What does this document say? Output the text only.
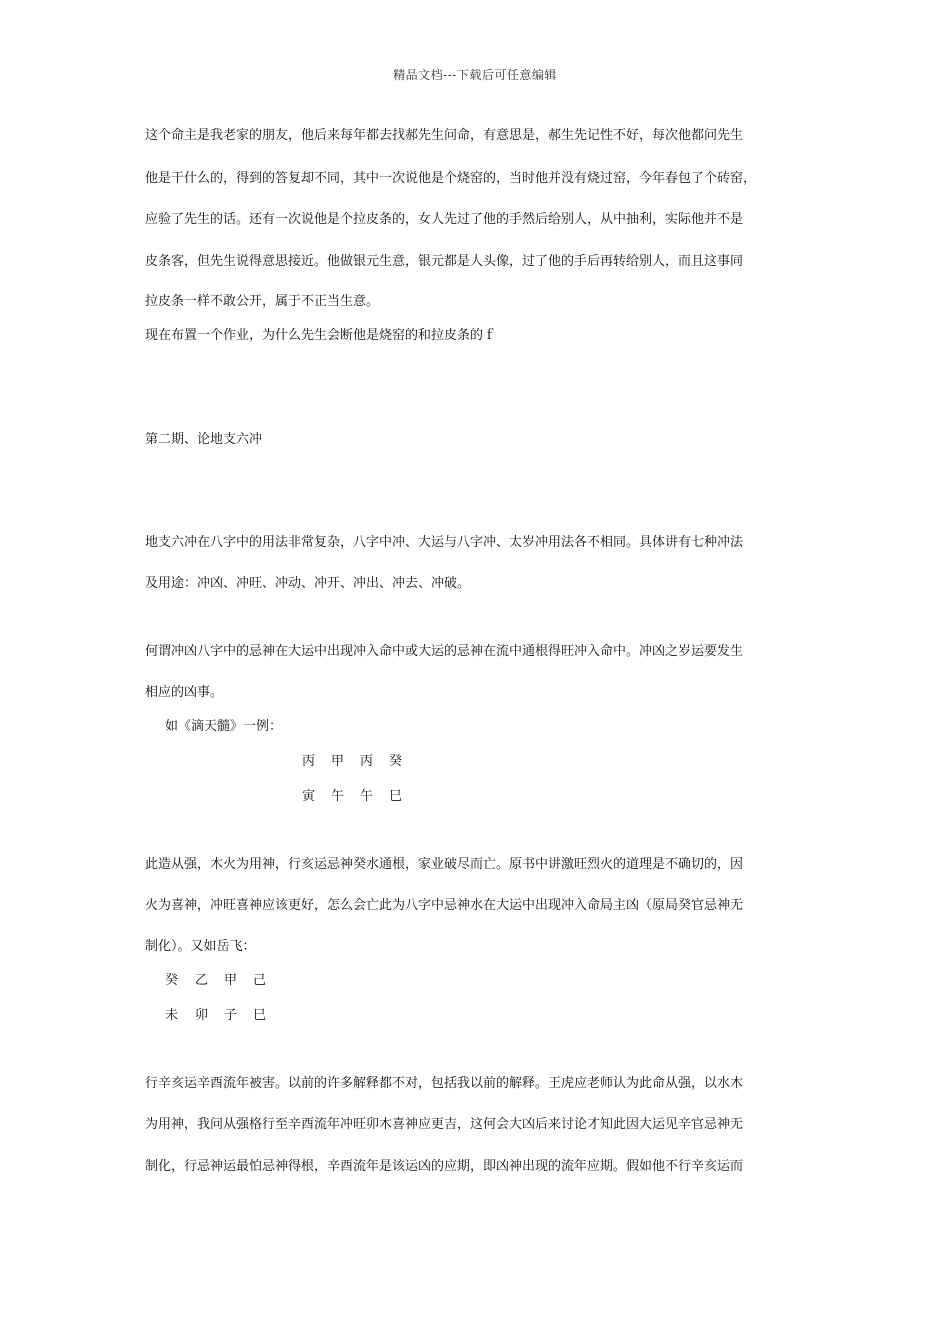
精品文档---下载后可任意编辑
这个命主是我老家的朋友，他后来每年都去找郝先生问命，有意思是，郝生先记性不好，每次他都问先生
他是干什么的，得到的答复却不同，其中一次说他是个烧窑的，当时他并没有烧过窑，今年春包了个砖窑，
应验了先生的话。还有一次说他是个拉皮条的，女人先过了他的手然后给别人，从中抽利，实际他并不是
皮条客，但先生说得意思接近。他做银元生意，银元都是人头像，过了他的手后再转给别人，而且这事同
拉皮条一样不敢公开，属于不正当生意。
现在布置一个作业，为什么先生会断他是烧窑的和拉皮条的ｆ
第二期、论地支六冲
地支六冲在八字中的用法非常复杂，八字中冲、大运与八字冲、太岁冲用法各不相同。具体讲有七种冲法
及用途：冲凶、冲旺、冲动、冲开、冲出、冲去、冲破。
何谓冲凶八字中的忌神在大运中出现冲入命中或大运的忌神在流中通根得旺冲入命中。冲凶之岁运要发生
相应的凶事。
如《滴天髓》一例：
丙 甲 丙 癸
寅 午 午 巳
此造从强，木火为用神，行亥运忌神癸水通根，家业破尽而亡。原书中讲激旺烈火的道理是不确切的，因
火为喜神，冲旺喜神应该更好，怎么会亡此为八字中忌神水在大运中出现冲入命局主凶（原局癸官忌神无
制化）。又如岳飞：
癸 乙 甲 己
未 卯 子 巳
行辛亥运辛酉流年被害。以前的许多解释都不对，包括我以前的解释。王虎应老师认为此命从强，以水木
为用神，我问从强格行至辛酉流年冲旺卯木喜神应更吉，这何会大凶后来讨论才知此因大运见辛官忌神无
制化，行忌神运最怕忌神得根，辛酉流年是该运凶的应期，即凶神出现的流年应期。假如他不行辛亥运而
